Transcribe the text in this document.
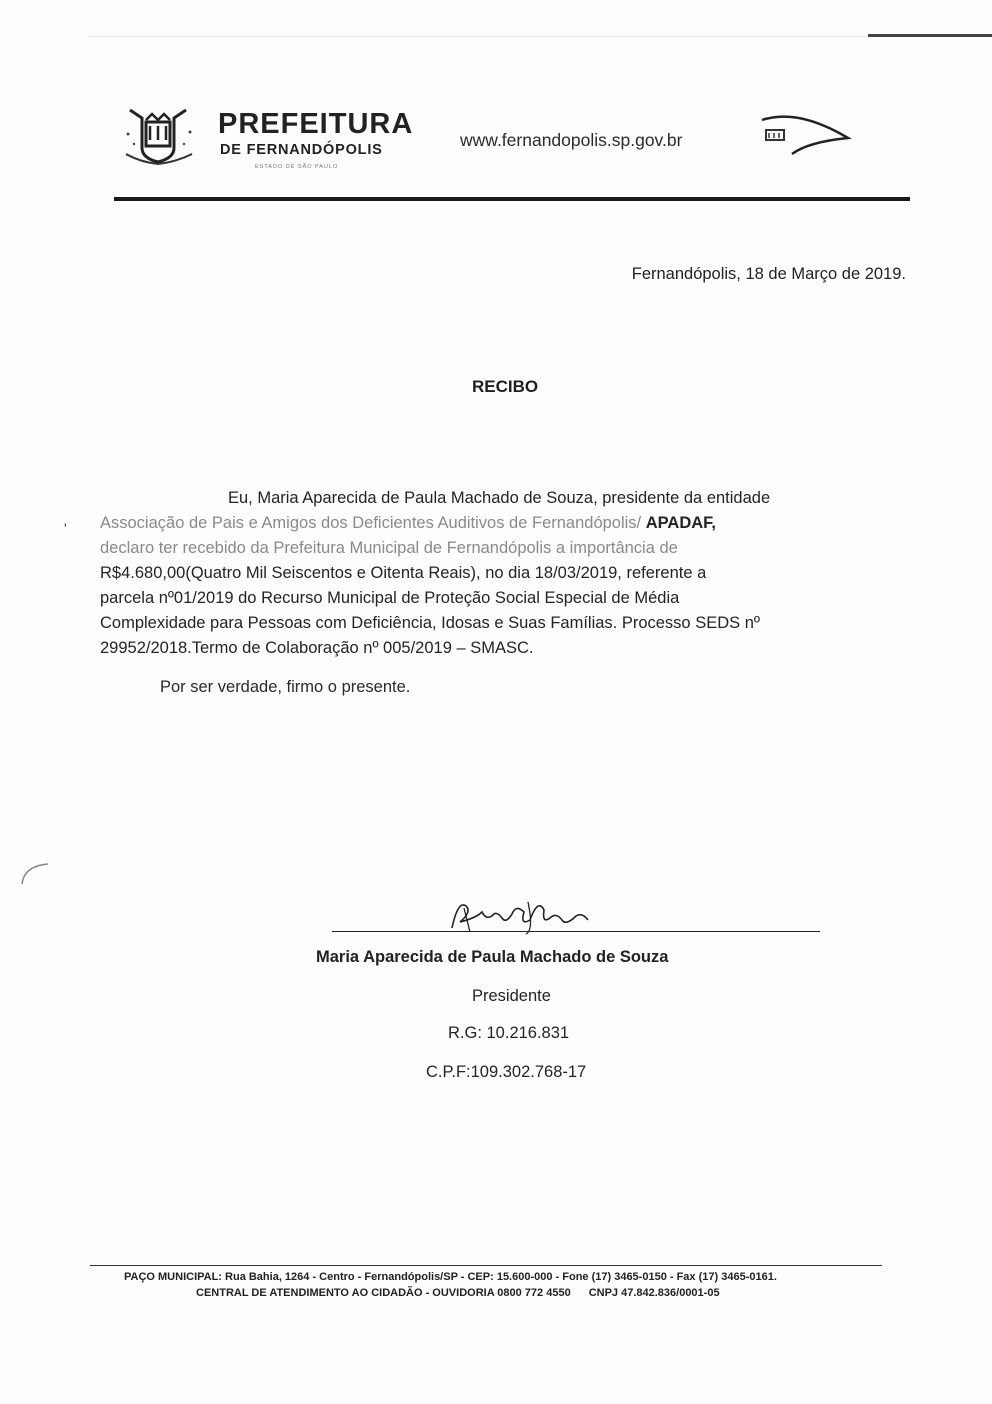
PREFEITURA
DE FERNANDÓPOLIS
ESTADO DE SÃO PAULO
www.fernandopolis.sp.gov.br
Fernandópolis, 18 de Março de 2019.
RECIBO
'
Eu, Maria Aparecida de Paula Machado de Souza, presidente da entidade
Associação de Pais e Amigos dos Deficientes Auditivos de Fernandópolis/ APADAF,
declaro ter recebido da Prefeitura Municipal de Fernandópolis a importância de
R$4.680,00(Quatro Mil Seiscentos e Oitenta Reais), no dia 18/03/2019, referente a
parcela nº01/2019 do Recurso Municipal de Proteção Social Especial de Média
Complexidade para Pessoas com Deficiência, Idosas e Suas Famílias. Processo SEDS nº
29952/2018.Termo de Colaboração nº 005/2019 – SMASC.
Por ser verdade, firmo o presente.
Maria Aparecida de Paula Machado de Souza
Presidente
R.G: 10.216.831
C.P.F:109.302.768-17
PAÇO MUNICIPAL: Rua Bahia, 1264 - Centro - Fernandópolis/SP - CEP: 15.600-000 - Fone (17) 3465-0150 - Fax (17) 3465-0161.
CENTRAL DE ATENDIMENTO AO CIDADÃO - OUVIDORIA 0800 772 4550 CNPJ 47.842.836/0001-05
